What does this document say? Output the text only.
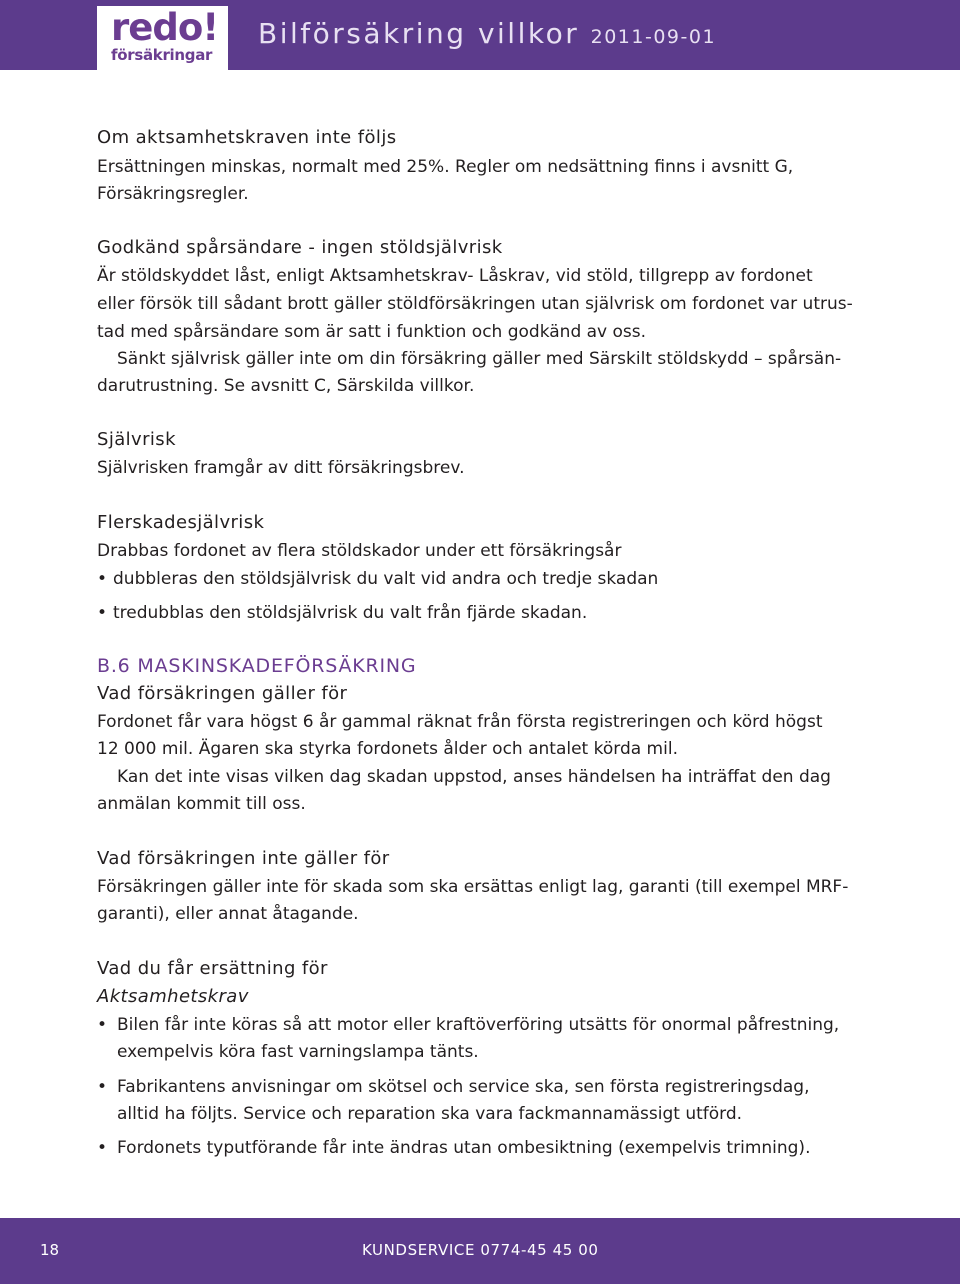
redo!
försäkringar
Bilförsäkring villkor 2011-09-01
Om aktsamhetskraven inte följs
Ersättningen minskas, normalt med 25%. Regler om nedsättning finns i avsnitt G,
Försäkringsregler.
Godkänd spårsändare - ingen stöldsjälvrisk
Är stöldskyddet låst, enligt Aktsamhetskrav- Låskrav, vid stöld, tillgrepp av fordonet
eller försök till sådant brott gäller stöldförsäkringen utan självrisk om fordonet var utrus-
tad med spårsändare som är satt i funktion och godkänd av oss.
Sänkt självrisk gäller inte om din försäkring gäller med Särskilt stöldskydd – spårsän-
darutrustning. Se avsnitt C, Särskilda villkor.
Självrisk
Självrisken framgår av ditt försäkringsbrev.
Flerskadesjälvrisk
Drabbas fordonet av flera stöldskador under ett försäkringsår
• dubbleras den stöldsjälvrisk du valt vid andra och tredje skadan
• tredubblas den stöldsjälvrisk du valt från fjärde skadan.
B.6 MASKINSKADEFÖRSÄKRING
Vad försäkringen gäller för
Fordonet får vara högst 6 år gammal räknat från första registreringen och körd högst
12 000 mil. Ägaren ska styrka fordonets ålder och antalet körda mil.
Kan det inte visas vilken dag skadan uppstod, anses händelsen ha inträffat den dag
anmälan kommit till oss.
Vad försäkringen inte gäller för
Försäkringen gäller inte för skada som ska ersättas enligt lag, garanti (till exempel MRF-
garanti), eller annat åtagande.
Vad du får ersättning för
Aktsamhetskrav
• Bilen får inte köras så att motor eller kraftöverföring utsätts för onormal påfrestning,
exempelvis köra fast varningslampa tänts.
• Fabrikantens anvisningar om skötsel och service ska, sen första registreringsdag,
alltid ha följts. Service och reparation ska vara fackmannamässigt utförd.
• Fordonets typutförande får inte ändras utan ombesiktning (exempelvis trimning).
18	KUNDSERVICE 0774-45 45 00
